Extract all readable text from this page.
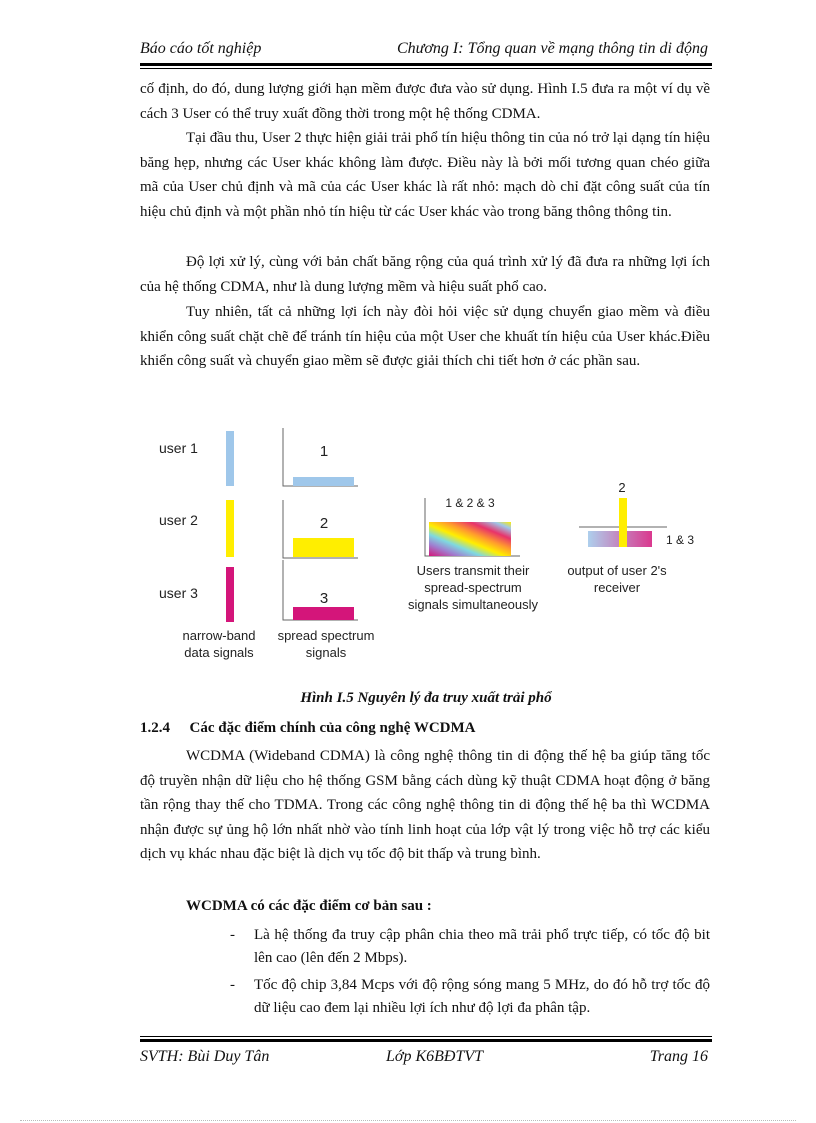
Báo cáo tốt nghiệp	Chương I: Tổng quan về mạng thông tin di động
cố định, do đó, dung lượng giới hạn mềm được đưa vào sử dụng. Hình I.5 đưa ra một ví dụ về cách 3 User có thể truy xuất đồng thời trong một hệ thống CDMA.
Tại đầu thu, User 2 thực hiện giải trải phổ tín hiệu thông tin của nó trở lại dạng tín hiệu băng hẹp, nhưng các User khác không làm được. Điều này là bởi mối tương quan chéo giữa mã của User chủ định và mã của các User khác là rất nhỏ: mạch dò chỉ đặt công suất của tín hiệu chủ định và một phần nhỏ tín hiệu từ các User khác vào trong băng thông thông tin.
Độ lợi xử lý, cùng với bản chất băng rộng của quá trình xử lý đã đưa ra những lợi ích của hệ thống CDMA, như là dung lượng mềm và hiệu suất phổ cao.
Tuy nhiên, tất cả những lợi ích này đòi hỏi việc sử dụng chuyển giao mềm và điều khiển công suất chặt chẽ để tránh tín hiệu của một User che khuất tín hiệu của User khác.Điều khiển công suất và chuyển giao mềm sẽ được giải thích chi tiết hơn ở các phần sau.
user 1
user 2
user 3
1
2
3
narrow-band
data signals
spread spectrum
signals
1 & 2 & 3
Users transmit their
spread-spectrum
signals simultaneously
2
1 & 3
output of user 2's
receiver
Hình I.5 Nguyên lý đa truy xuất trải phổ
1.2.4 Các đặc điểm chính của công nghệ WCDMA
WCDMA (Wideband CDMA) là công nghệ thông tin di động thế hệ ba giúp tăng tốc độ truyền nhận dữ liệu cho hệ thống GSM bằng cách dùng kỹ thuật CDMA hoạt động ở băng tần rộng thay thế cho TDMA. Trong các công nghệ thông tin di động thế hệ ba thì WCDMA nhận được sự ủng hộ lớn nhất nhờ vào tính linh hoạt của lớp vật lý trong việc hỗ trợ các kiểu dịch vụ khác nhau đặc biệt là dịch vụ tốc độ bit thấp và trung bình.
WCDMA có các đặc điểm cơ bản sau :
- Là hệ thống đa truy cập phân chia theo mã trải phổ trực tiếp, có tốc độ bit lên cao (lên đến 2 Mbps).
- Tốc độ chip 3,84 Mcps với độ rộng sóng mang 5 MHz, do đó hỗ trợ tốc độ dữ liệu cao đem lại nhiều lợi ích như độ lợi đa phân tập.
SVTH: Bùi Duy Tân	Lớp K6BĐTVT	Trang 16
